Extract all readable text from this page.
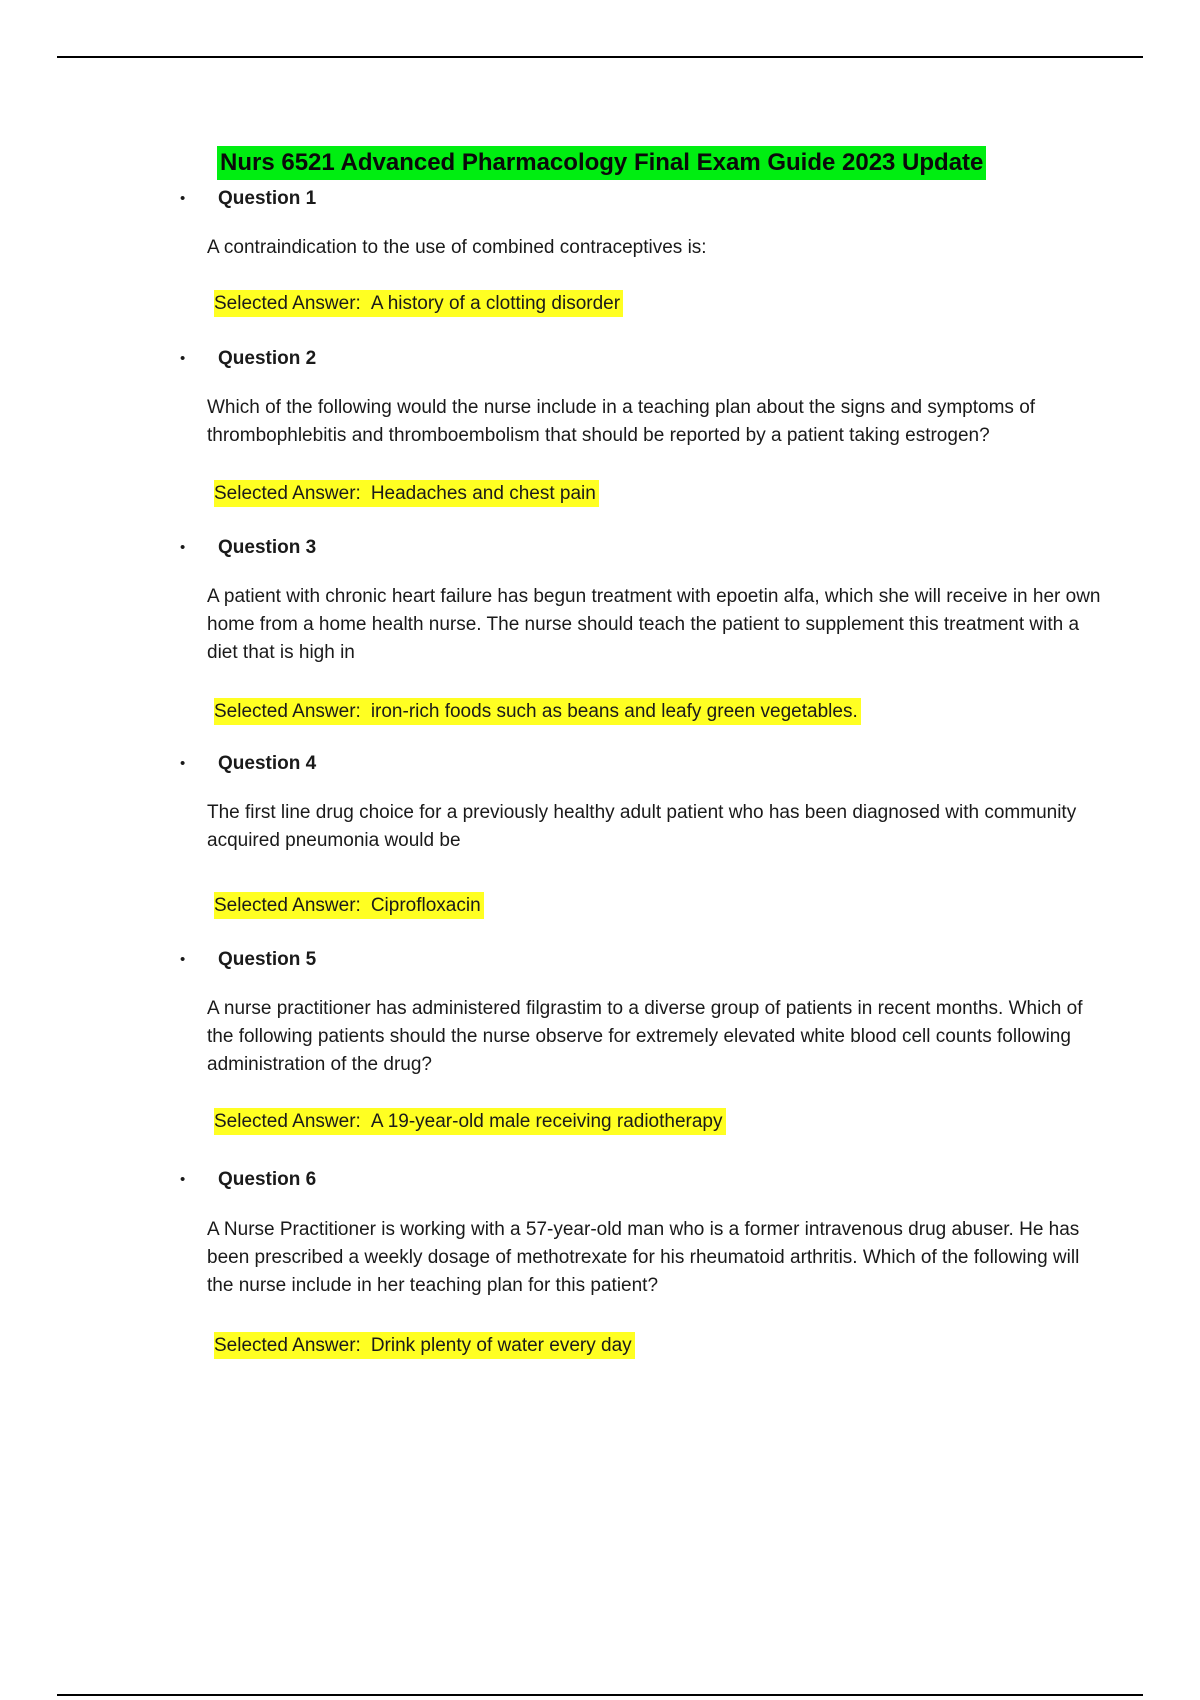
Nurs 6521 Advanced Pharmacology Final Exam Guide 2023 Update
• Question 1
A contraindication to the use of combined contraceptives is:
Selected Answer: A history of a clotting disorder
• Question 2
Which of the following would the nurse include in a teaching plan about the signs and symptoms of thrombophlebitis and thromboembolism that should be reported by a patient taking estrogen?
Selected Answer: Headaches and chest pain
• Question 3
A patient with chronic heart failure has begun treatment with epoetin alfa, which she will receive in her own home from a home health nurse. The nurse should teach the patient to supplement this treatment with a diet that is high in
Selected Answer: iron-rich foods such as beans and leafy green vegetables.
• Question 4
The first line drug choice for a previously healthy adult patient who has been diagnosed with community acquired pneumonia would be
Selected Answer: Ciprofloxacin
• Question 5
A nurse practitioner has administered filgrastim to a diverse group of patients in recent months. Which of the following patients should the nurse observe for extremely elevated white blood cell counts following administration of the drug?
Selected Answer: A 19-year-old male receiving radiotherapy
• Question 6
A Nurse Practitioner is working with a 57-year-old man who is a former intravenous drug abuser. He has been prescribed a weekly dosage of methotrexate for his rheumatoid arthritis. Which of the following will the nurse include in her teaching plan for this patient?
Selected Answer: Drink plenty of water every day
